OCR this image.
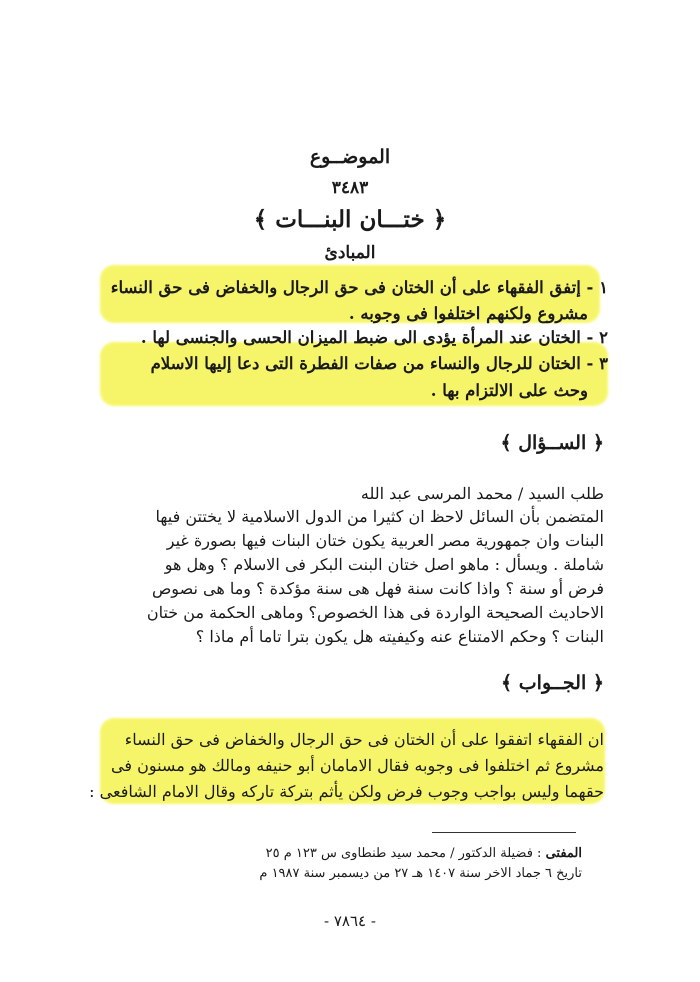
الموضــوع
٣٤٨٣
﴿ ختـــان البنـــات ﴾
المبادئ
١ - إتفق الفقهاء على أن الختان فى حق الرجال والخفاض فى حق النساء
مشروع ولكنهم اختلفوا فى وجوبه .
٢ - الختان عند المرأة يؤدى الى ضبط الميزان الحسى والجنسى لها .
٣ - الختان للرجال والنساء من صفات الفطرة التى دعا إليها الاسلام
وحث على الالتزام بها .
﴿ الســؤال ﴾
طلب السيد / محمد المرسى عبد الله
المتضمن بأن السائل لاحظ ان كثيرا من الدول الاسلامية لا يختتن فيها
البنات وان جمهورية مصر العربية يكون ختان البنات فيها بصورة غير
شاملة . ويسأل : ماهو اصل ختان البنت البكر فى الاسلام ؟ وهل هو
فرض أو سنة ؟ واذا كانت سنة فهل هى سنة مؤكدة ؟ وما هى نصوص
الاحاديث الصحيحة الواردة فى هذا الخصوص؟ وماهى الحكمة من ختان
البنات ؟ وحكم الامتناع عنه وكيفيته هل يكون بترا تاما أم ماذا ؟
﴿ الجــواب ﴾
ان الفقهاء اتفقوا على أن الختان فى حق الرجال والخفاض فى حق النساء
مشروع ثم اختلفوا فى وجوبه فقال الامامان أبو حنيفه ومالك هو مسنون فى
حقهما وليس بواجب وجوب فرض ولكن يأثم بتركة تاركه وقال الامام الشافعى :
المفتى : فضيلة الدكتور / محمد سيد طنطاوى س ١٢٣ م ٢٥
تاريخ ٦ جماد الاخر سنة ١٤٠٧ هـ ٢٧ من ديسمبر سنة ١٩٨٧ م
- ٧٨٦٤ -
